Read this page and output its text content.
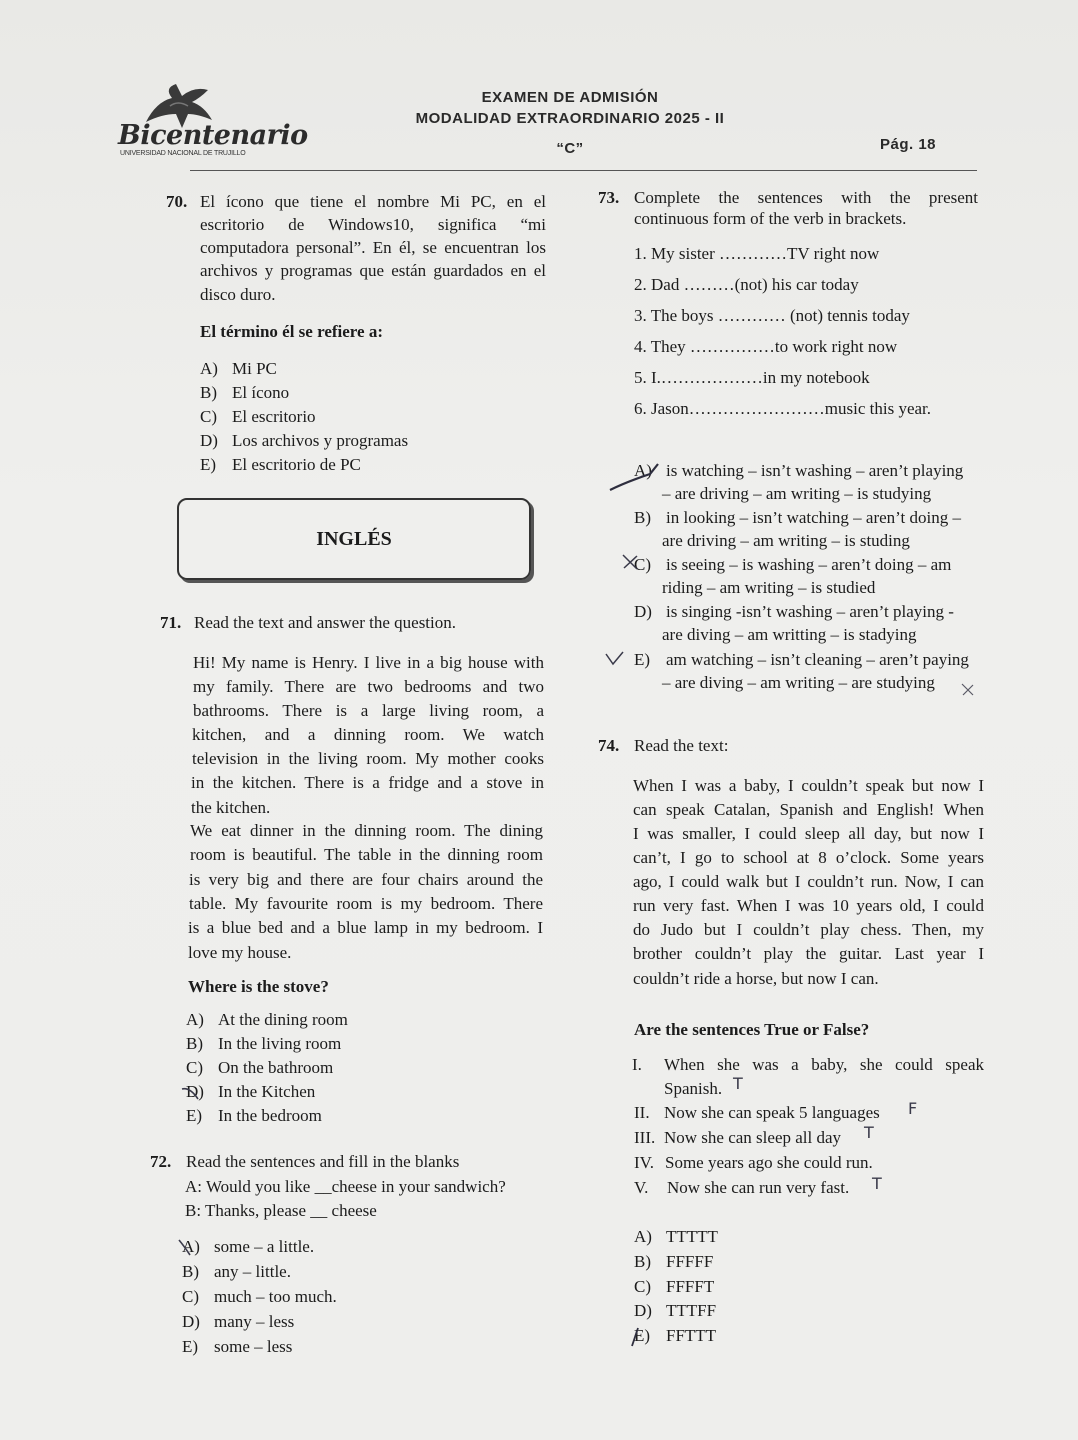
Bicentenario
UNIVERSIDAD NACIONAL DE TRUJILLO
EXAMEN DE ADMISIÓN
MODALIDAD EXTRAORDINARIO 2025 - II
“C”	Pág. 18
70. El ícono que tiene el nombre Mi PC, en el
escritorio de Windows10, significa “mi
computadora personal”. En él, se encuentran los
archivos y programas que están guardados en el
disco duro.
El término él se refiere a:
A) Mi PC
B) El ícono
C) El escritorio
D) Los archivos y programas
E) El escritorio de PC
INGLÉS
71. Read the text and answer the question.
Hi! My name is Henry. I live in a big house with
my family. There are two bedrooms and two
bathrooms. There is a large living room, a
kitchen, and a dinning room. We watch
television in the living room. My mother cooks
in the kitchen. There is a fridge and a stove in
the kitchen.
We eat dinner in the dinning room. The dining
room is beautiful. The table in the dinning room
is very big and there are four chairs around the
table. My favourite room is my bedroom. There
is a blue bed and a blue lamp in my bedroom. I
love my house.
Where is the stove?
A) At the dining room
B) In the living room
C) On the bathroom
D) In the Kitchen
E) In the bedroom
72. Read the sentences and fill in the blanks
A: Would you like __cheese in your sandwich?
B: Thanks, please __ cheese
A) some – a little.
B) any – little.
C) much – too much.
D) many – less
E) some – less
73. Complete the sentences with the present
continuous form of the verb in brackets.
1. My sister …………TV right now
2. Dad ………(not) his car today
3. The boys ………… (not) tennis today
4. They ……………to work right now
5. I.………………in my notebook
6. Jason……………………music this year.
A) is watching – isn’t washing – aren’t playing
– are driving – am writing – is studying
B) in looking – isn’t watching – aren’t doing –
are driving – am writing – is studing
C) is seeing – is washing – aren’t doing – am
riding – am writing – is studied
D) is singing -isn’t washing – aren’t playing -
are diving – am writting – is stadying
E) am watching – isn’t cleaning – aren’t paying
– are diving – am writing – are studying
74. Read the text:
When I was a baby, I couldn’t speak but now I
can speak Catalan, Spanish and English! When
I was smaller, I could sleep all day, but now I
can’t, I go to school at 8 o’clock. Some years
ago, I could walk but I couldn’t run. Now, I can
run very fast. When I was 10 years old, I could
do Judo but I couldn’t play chess. Then, my
brother couldn’t play the guitar. Last year I
couldn’t ride a horse, but now I can.
Are the sentences True or False?
I. When she was a baby, she could speak
Spanish.
II. Now she can speak 5 languages
III. Now she can sleep all day
IV. Some years ago she could run.
V. Now she can run very fast.
T
F
T
T
A) TTTTT
B) FFFFF
C) FFFFT
D) TTTFF
E) FFTTT
